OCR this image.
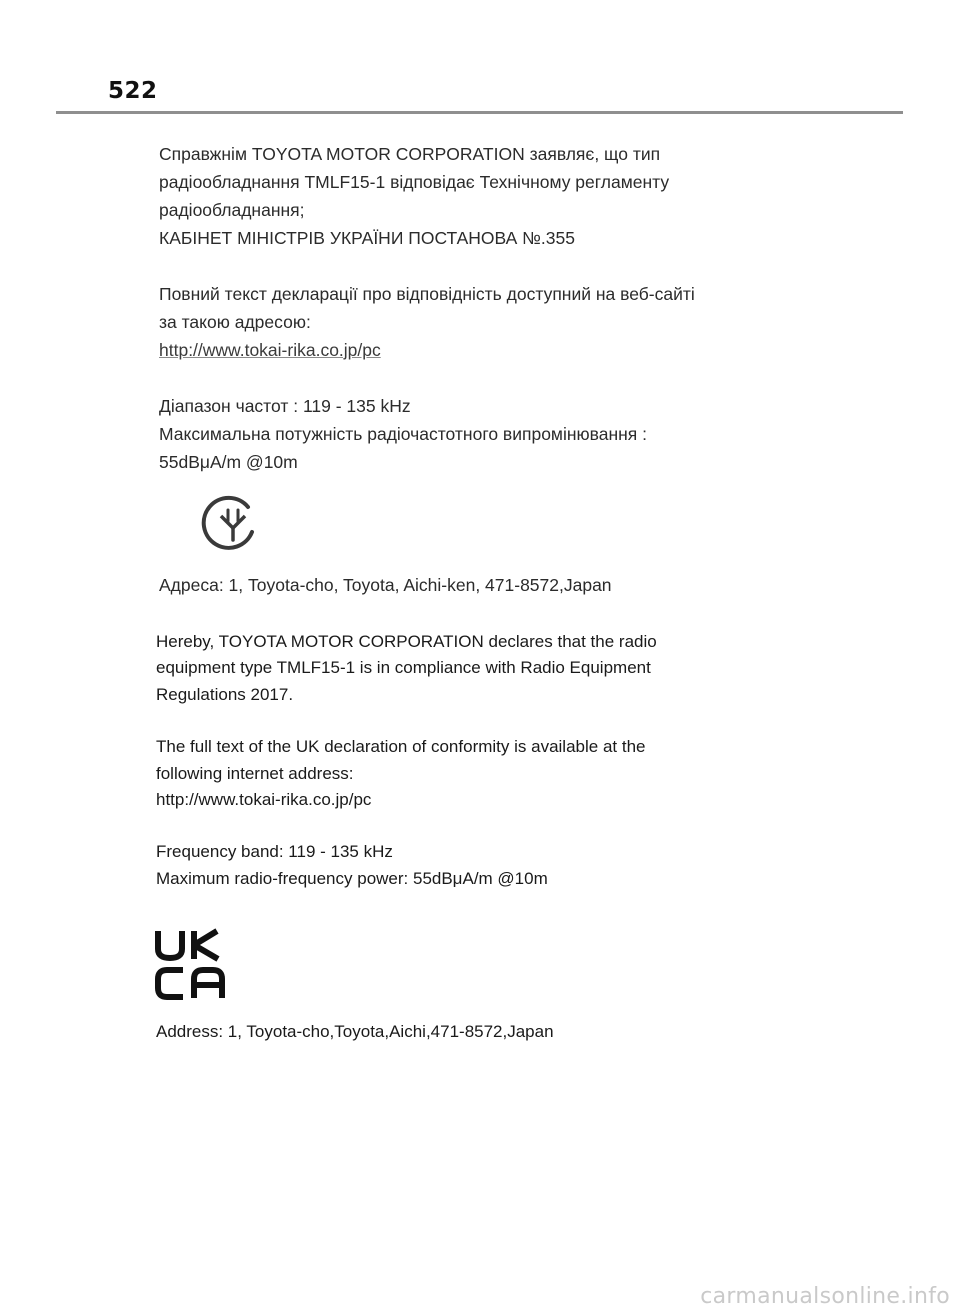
522

Справжнім TOYOTA MOTOR CORPORATION заявляє, що тип

радіообладнання TMLF15-1 відповідає Технічному регламенту

радіообладнання;

КАБІНЕТ МІНІСТРІВ УКРАЇНИ ПОСТАНОВА №.355

Повний текст декларації про відповідність доступний на веб-сайті

за такою адресою:

http://www.tokai-rika.co.jp/pc

Діапазон частот : 119 - 135 kHz

Максимальна потужність радіочастотного випромінювання :

55dBμA/m @10m

Адреса: 1, Toyota-cho, Toyota, Aichi-ken, 471-8572,Japan

Hereby, TOYOTA MOTOR CORPORATION declares that the radio

equipment type TMLF15-1 is in compliance with Radio Equipment

Regulations 2017.

The full text of the UK declaration of conformity is available at the

following internet address:

http://www.tokai-rika.co.jp/pc

Frequency band: 119 - 135 kHz

Maximum radio-frequency power: 55dBμA/m @10m

Address: 1, Toyota-cho,Toyota,Aichi,471-8572,Japan
carmanualsonline.info
